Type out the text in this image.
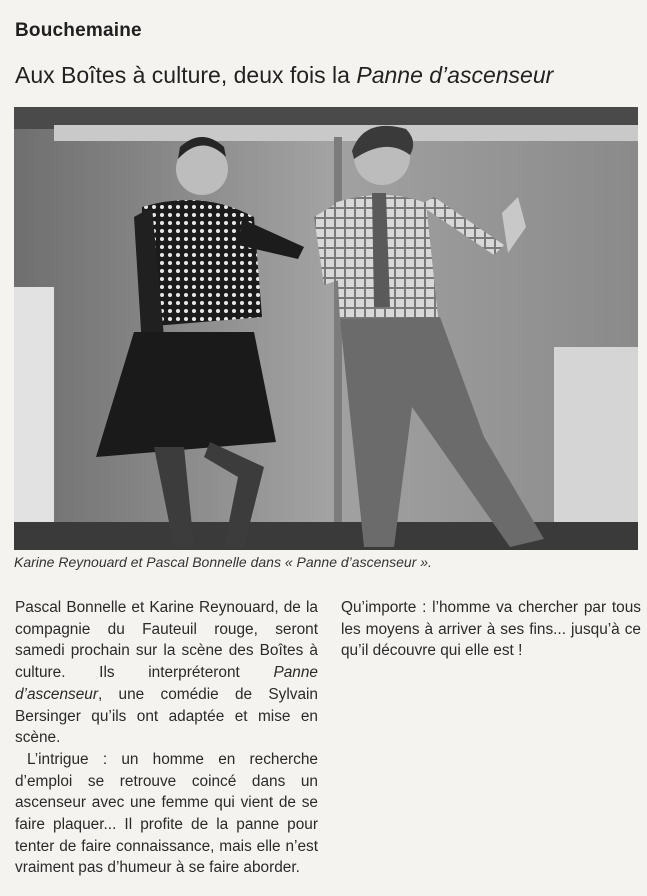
Bouchemaine
Aux Boîtes à culture, deux fois la Panne d’ascenseur
Karine Reynouard et Pascal Bonnelle dans « Panne d’ascenseur ».

Pascal Bonnelle et Karine Reynouard, de la compagnie du Fauteuil rouge, seront samedi prochain sur la scène des Boîtes à culture. Ils interpréteront Panne d’ascenseur, une comédie de Sylvain Bersinger qu’ils ont adaptée et mise en scène.

L’intrigue : un homme en recherche d’emploi se retrouve coincé dans un ascenseur avec une femme qui vient de se faire plaquer... Il profite de la panne pour tenter de faire connaissance, mais elle n’est vraiment pas d’humeur à se faire aborder.

Qu’importe : l’homme va chercher par tous les moyens à arriver à ses fins... jusqu’à ce qu’il découvre qui elle est !
